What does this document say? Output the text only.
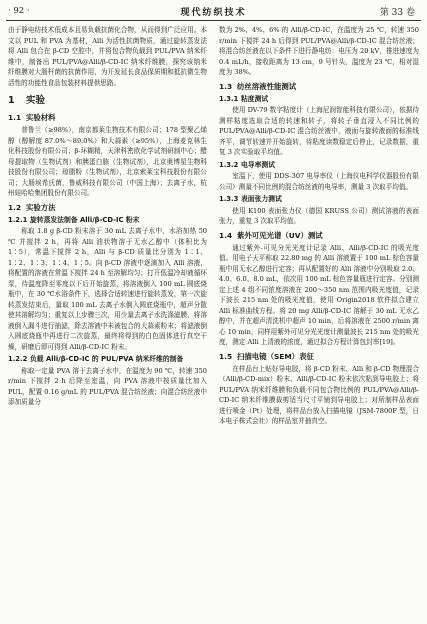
· 92 ·	现代纺织技术	第 33 卷

由于静电纺技术低成本且易负载抗菌化合物，从而得到广泛应用。本文以 PUL 和 PVA 为基材，Alli 为活性抗菌物质，通过旋转蒸发法将 Alli 包合在 β-CD 空腔中，并将包合物负载到 PUL/PVA 纳米纤维中，制备出 PUL/PVA@Alli/β-CD-IC 纳米纤维膜，探究该纳米纤维膜对大肠杆菌的抗菌作用，为开发延长食品保质期和抵抗微生物活性的功能性食品包装材料提供思路。

1 实验
1.1 实验材料

普鲁兰（≥98%），南京都莱生物技术有限公司；178 型聚乙烯醇（醇解度 87.0%～89.0%）和大蒜素（≥95%），上海麦克林生化科技股份有限公司；β-环糊精，天津科密欧化学试剂研制中心；醋母提取物（生物试剂）和胰蛋白胨（生物试剂），北京奥博星生物科技股份有限公司；琼脂粉（生物试剂），北京索莱宝科技股份有限公司；大肠埃希氏菌，鲁威科技有限公司（中国上海）；去离子水，杭州娃哈哈集团股份有限公司。

1.2 实验方法
1.2.1 旋转蒸发法制备 Alli/β-CD-IC 粉末

称取 1.8 g β-CD 粉末溶于 30 mL 去离子水中，水浴加热 50 ℃ 并搅拌 2 h，再将 Alli 油状物溶于无水乙醇中（体积比为 1∶5），常温下搅拌 2 h，Alli 与 β-CD 质量比分别为 1∶1、1∶2、1∶3、1∶4、1∶5。向 β-CD 溶液中逐滴加入 Alli 溶液，将配置的溶液在常温下搅拌 24 h 至溶解均匀；打开低温冷却液循环泵，待温度降至零度以下后开始旋蒸，将溶液倒入 100 mL 圆底烧瓶中，在 30 ℃水浴条件下，选择合适转速进行旋转蒸发，第一次旋转蒸发结束后，量取 100 mL 去离子水倒入圆底烧瓶中，超声分散使其溶解均匀；重复以上步骤三次，用少量去离子水洗涤滤膜，将溶液倒入漏斗进行抽滤，除去溶液中未被包合的大蒜素粉末；将滤液倒入圆底烧瓶中再进行二次旋蒸，最终将得到的白色固体进行真空干燥，研磨后即可得到 Alli/β-CD-IC 粉末。

1.2.2 负载 Alli/β-CD-IC 的 PUL/PVA 纳米纤维的制备

称取一定量 PVA 溶于去离子水中，在温度为 90 ℃，转速 350 r/min 下搅拌 2 h 后降至室温，向 PVA 溶液中按质量比加入 PUL，配置 0.16 g/mL 的 PUL/PVA 混合纺丝液；向混合纺丝液中添加质量分

数为 2%、4%、6% 的 Alli/β-CD-IC，在温度为 25 ℃，转速 350 r/min 下搅拌 24 h 后得到 PUL/PVA@Alli/β-CD-IC 混合纺丝液；将混合纺丝液在以下条件下进行静电纺：电压为 20 kV，推进速度为 0.4 mL/h，接收距离为 13 cm，9 号针头，温度为 23 ℃，相对湿度为 38%。

1.3 纺丝溶液性能测试
1.3.1 粘度测试

使用 DV-79 数字粘度计（上海尼润智能科技有限公司），依据待测样粘度选取合适的转速和转子，将转子垂直浸入不同比例的 PUL/PVA@Alli/β-CD-IC 混合纺丝液中，液面与旋转液面的标准线齐平，调节转速并开始旋转，待粘度读数稳定后停止，记录数据，重复 3 次实验取平均值。

1.3.2 电导率测试

室温下，使用 DDS-307 电导率仪（上海仪电科学仪器股份有限公司）测量不同比例的混合纺丝液的电导率，测量 3 次取平均值。

1.3.3 表面张力测试

使用 K100 表面张力仪（德国 KRUSS 公司）测试溶液的表面张力，重复 3 次取平均值。

1.4 紫外可见光谱（UV）测试

通过紫外-可见分光光度计记录 Alli、Alli/β-CD-IC 的吸光度值。用电子天平称取 22.80 mg 的 Alli 溶液置于 100 mL 棕色容量瓶中用无水乙醇进行定容；再从配置好的 Alli 溶液中分别吸取 2.0、4.0、6.0、8.0 mL，依次用 100 mL 棕色容量瓶进行定容。分别测定上述 4 组不同浓度溶液在 200～350 nm 范围内吸光度值，记录下波长 215 nm 处的吸光度值，使用 Origin2018 软件拟合建立 Alli 标准曲线方程。将 20 mg Alli/β-CD-IC 溶解于 30 mL 无水乙醇中，并在超声清洗机中超声 10 min，后将溶液在 2500 r/min 离心 10 min，同样用紫外可见分光光度计测量波长 215 nm 处的吸光度，测定 Alli 上清液的浓度，通过拟合方程计算包封率[19]。

1.5 扫描电镜（SEM）表征

在样品台上贴好导电胶，将 β-CD 粉末、Alli 和 β-CD 物理混合（Alli/β-CD-mix）粉末、Alli/β-CD-IC 粉末依次粘到导电胶上；将 PUL/PVA 纳米纤维膜和负载不同包合物比例的 PUL/PVA@Alli/β-CD-IC 纳米纤维膜裁剪适当尺寸平铺到导电胶上；对所制样品表面进行喷金（Pt）处理，将样品台放入扫描电镜（JSM-7800F 型，日本电子株式会社）的样品室并抽真空。
